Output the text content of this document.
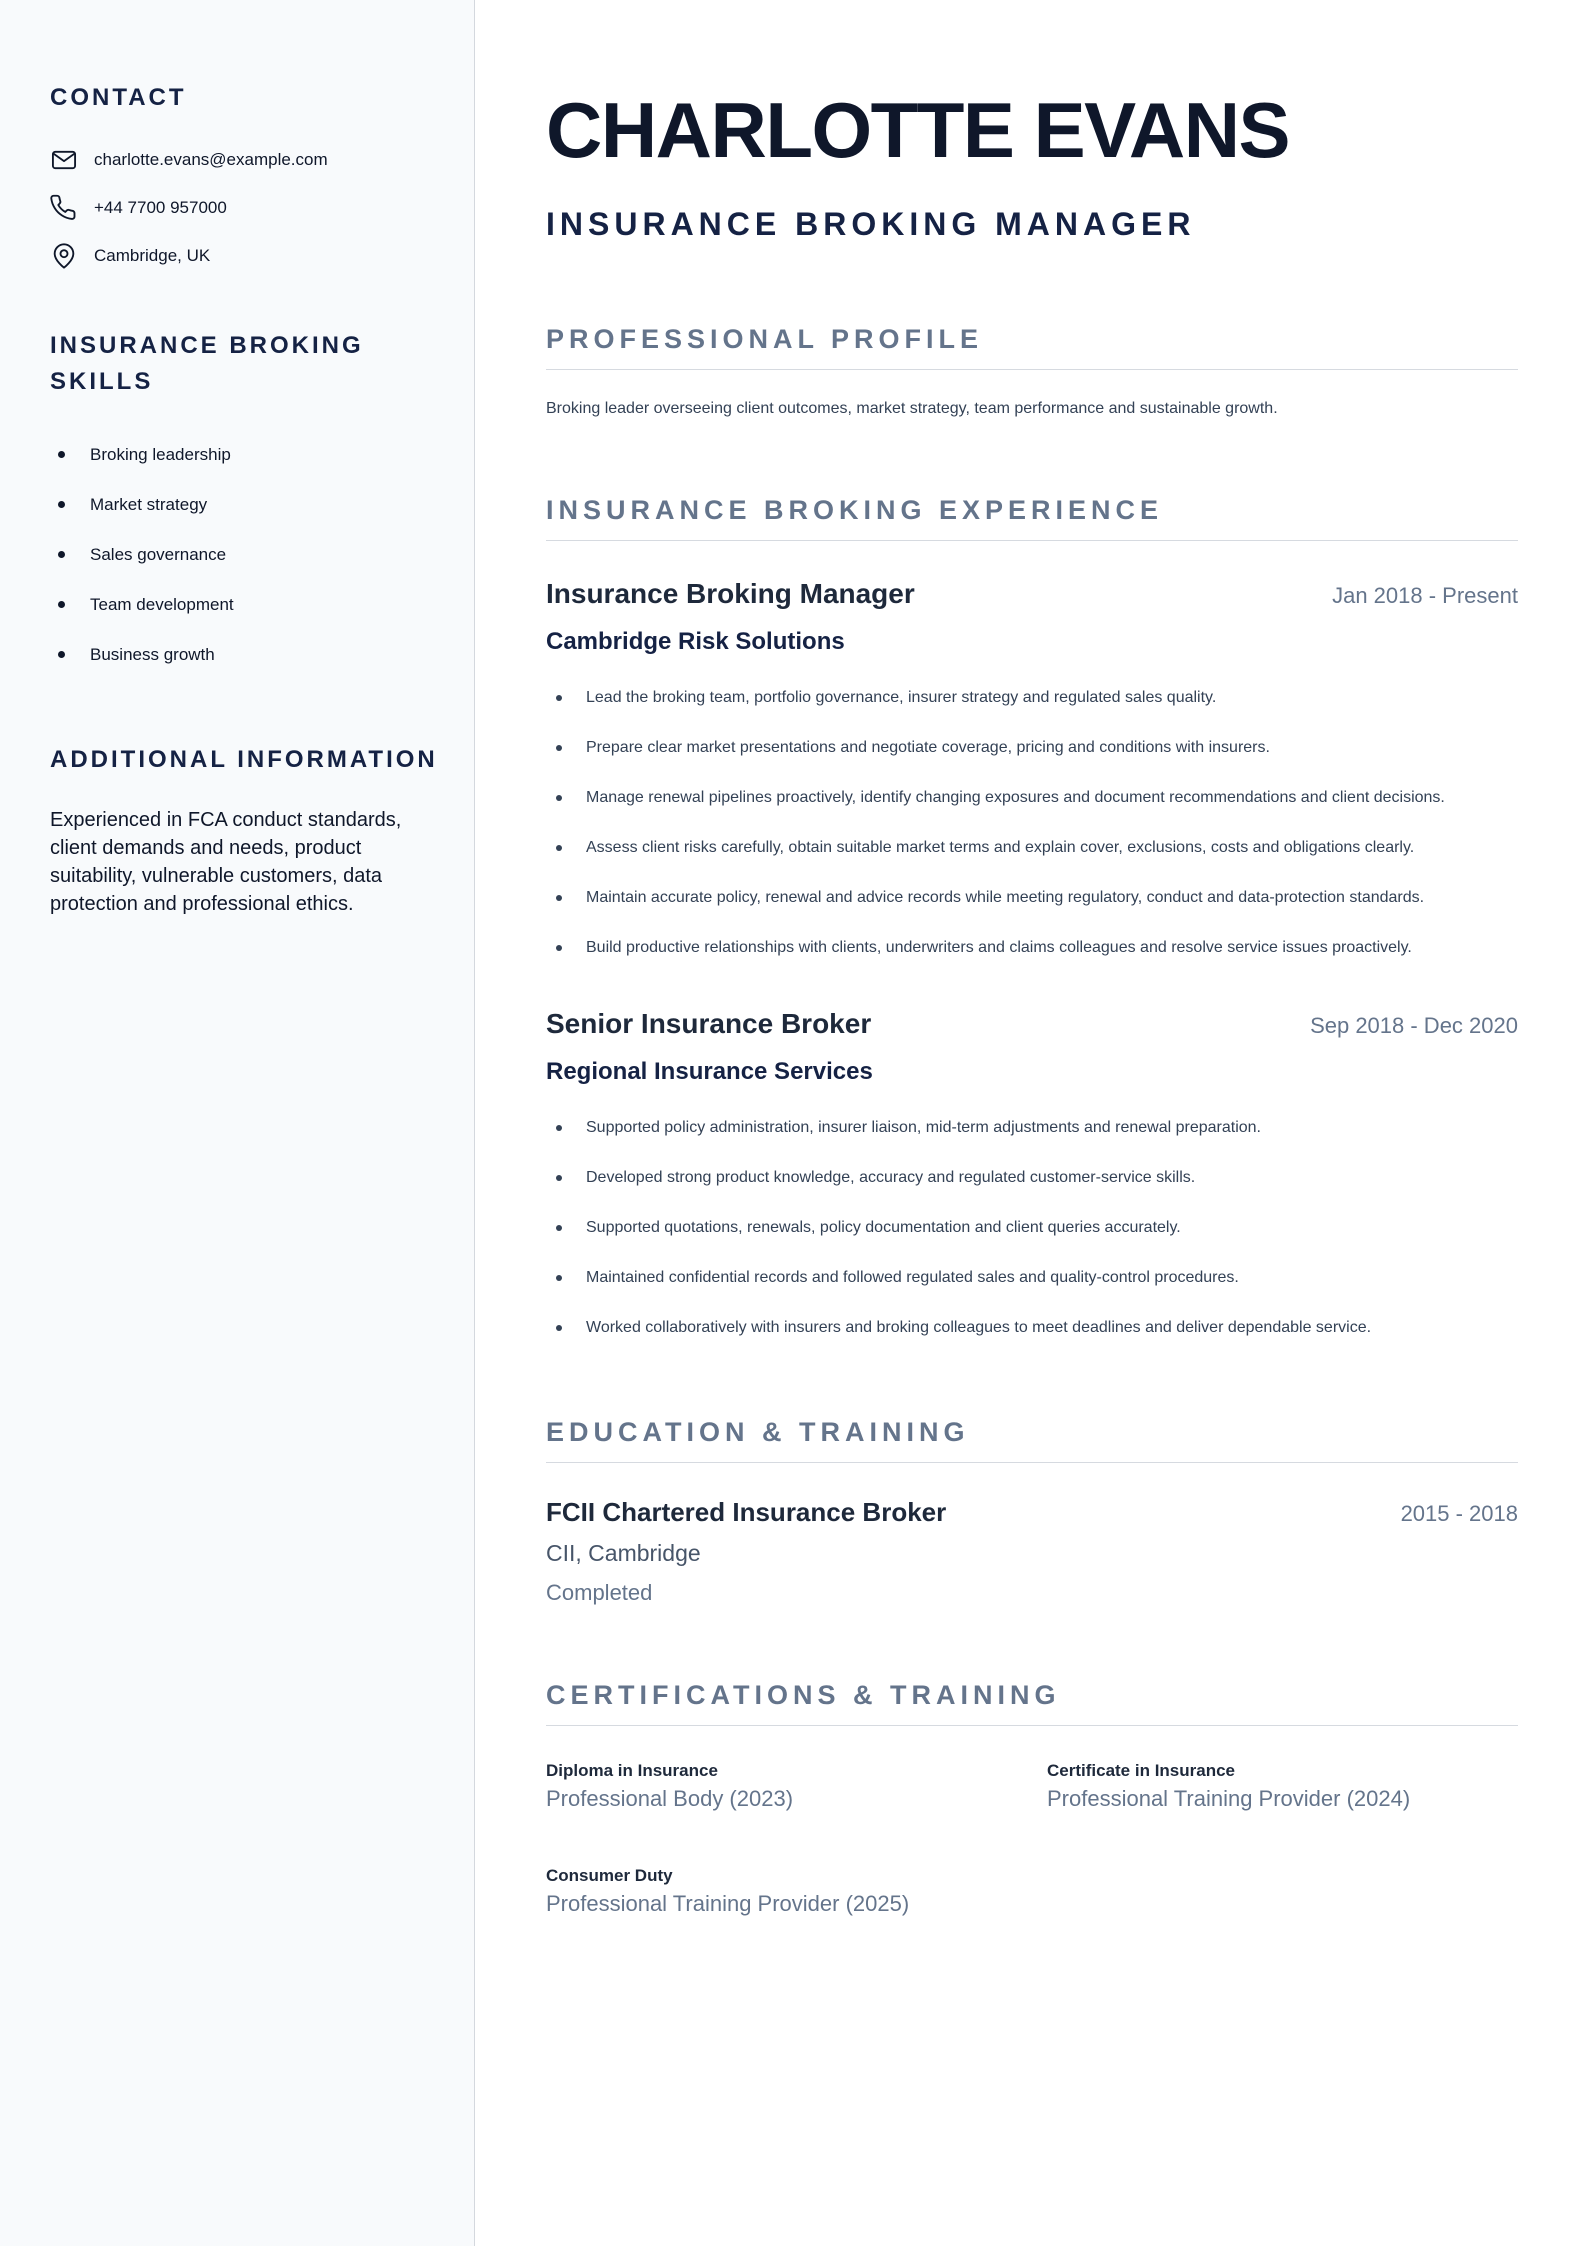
CONTACT
charlotte.evans@example.com
+44 7700 957000
Cambridge, UK
INSURANCE BROKING SKILLS
Broking leadership
Market strategy
Sales governance
Team development
Business growth
ADDITIONAL INFORMATION

Experienced in FCA conduct standards, client demands and needs, product suitability, vulnerable customers, data protection and professional ethics.

CHARLOTTE EVANS
INSURANCE BROKING MANAGER
PROFESSIONAL PROFILE

Broking leader overseeing client outcomes, market strategy, team performance and sustainable growth.

INSURANCE BROKING EXPERIENCE
Insurance Broking Manager	Jan 2018 - Present
Cambridge Risk Solutions
Lead the broking team, portfolio governance, insurer strategy and regulated sales quality.
Prepare clear market presentations and negotiate coverage, pricing and conditions with insurers.
Manage renewal pipelines proactively, identify changing exposures and document recommendations and client decisions.
Assess client risks carefully, obtain suitable market terms and explain cover, exclusions, costs and obligations clearly.
Maintain accurate policy, renewal and advice records while meeting regulatory, conduct and data-protection standards.
Build productive relationships with clients, underwriters and claims colleagues and resolve service issues proactively.
Senior Insurance Broker	Sep 2018 - Dec 2020
Regional Insurance Services
Supported policy administration, insurer liaison, mid-term adjustments and renewal preparation.
Developed strong product knowledge, accuracy and regulated customer-service skills.
Supported quotations, renewals, policy documentation and client queries accurately.
Maintained confidential records and followed regulated sales and quality-control procedures.
Worked collaboratively with insurers and broking colleagues to meet deadlines and deliver dependable service.
EDUCATION & TRAINING
FCII Chartered Insurance Broker	2015 - 2018
CII, Cambridge
Completed
CERTIFICATIONS & TRAINING
Diploma in Insurance
Professional Body (2023)
Certificate in Insurance
Professional Training Provider (2024)
Consumer Duty
Professional Training Provider (2025)
